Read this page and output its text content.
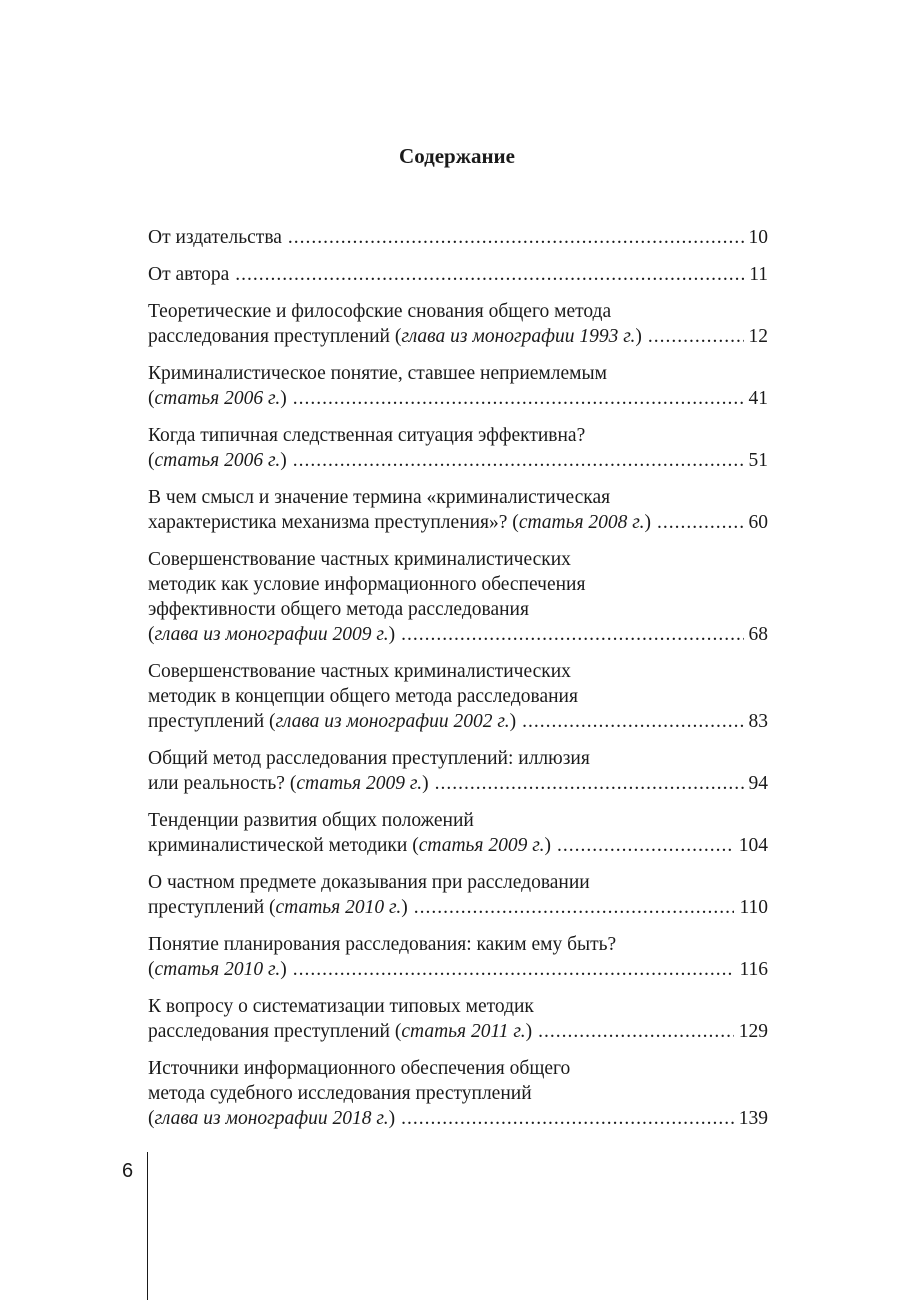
Содержание
От издательства .....	10
От автора .....	11
Теоретические и философские снования общего метода
расследования преступлений (глава из монографии 1993 г.) .....	12
Криминалистическое понятие, ставшее неприемлемым
(статья 2006 г.) .....	41
Когда типичная следственная ситуация эффективна?
(статья 2006 г.) .....	51
В чем смысл и значение термина «криминалистическая
характеристика механизма преступления»? (статья 2008 г.) .....	60
Совершенствование частных криминалистических
методик как условие информационного обеспечения
эффективности общего метода расследования
(глава из монографии 2009 г.) .....	68
Совершенствование частных криминалистических
методик в концепции общего метода расследования
преступлений (глава из монографии 2002 г.) .....	83
Общий метод расследования преступлений: иллюзия
или реальность? (статья 2009 г.) .....	94
Тенденции развития общих положений
криминалистической методики (статья 2009 г.) .....	104
О частном предмете доказывания при расследовании
преступлений (статья 2010 г.) .....	110
Понятие планирования расследования: каким ему быть?
(статья 2010 г.) .....	116
К вопросу о систематизации типовых методик
расследования преступлений (статья 2011 г.) .....	129
Источники информационного обеспечения общего
метода судебного исследования преступлений
(глава из монографии 2018 г.) .....	139
6
